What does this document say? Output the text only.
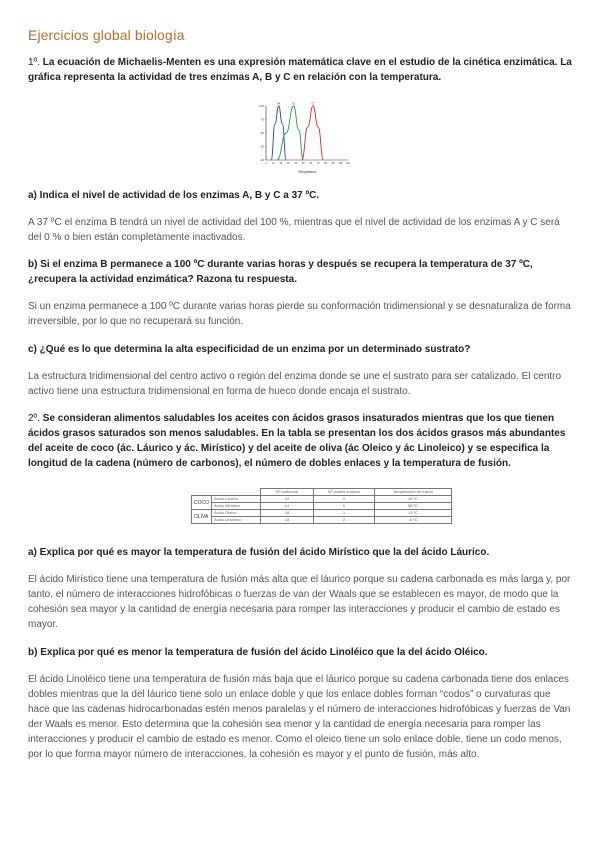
Ejercicios global biología

1º. La ecuación de Michaelis-Menten es una expresión matemática clave en el estudio de la cinética enzimática. La gráfica representa la actividad de tres enzimas A, B y C en relación con la temperatura.

100
75
50
25
10
0 10 20 30 40 50 60 70 80 90 100 110
A	B	C
Temperatura

a) Indica el nivel de actividad de los enzimas A, B y C a 37 ºC.

A 37 ºC el enzima B tendrá un nivel de actividad del 100 %, mientras que el nivel de actividad de los enzimas A y C será del 0 % o bien están completamente inactivados.

b) Si el enzima B permanece a 100 ºC durante varias horas y después se recupera la temperatura de 37 ºC, ¿recupera la actividad enzimática? Razona tu respuesta.

Si un enzima permanece a 100 ºC durante varias horas pierde su conformación tridimensional y se desnaturaliza de forma irreversible, por lo que no recuperará su función.

c) ¿Qué es lo que determina la alta especificidad de un enzima por un determinado sustrato?

La estructura tridimensional del centro activo o región del enzima donde se une el sustrato para ser catalizado. El centro activo tiene una estructura tridimensional en forma de hueco donde encaja el sustrato.

2º. Se consideran alimentos saludables los aceites con ácidos grasos insaturados mientras que los que tienen ácidos grasos saturados son menos saludables. En la tabla se presentan los dos ácidos grasos más abundantes del aceite de coco (ác. Láurico y ác. Mirístico) y del aceite de oliva (ác Oleico y ác Linoleico) y se especifica la longitud de la cadena (número de carbonos), el número de dobles enlaces y la temperatura de fusión.

		Nº carbonos	Nº dobles enlaces	Temperatura de fusión
COCO	Ácido Láurico	12	0	44 ºC
	Ácido Mirístico	14	0	58 ºC
OLIVA	Ácido Oleico	18	1	13 ºC
	Ácido Linoleico	18	2	-5 ºC

a) Explica por qué es mayor la temperatura de fusión del ácido Mirístico que la del ácido Láurico.

El ácido Mirístico tiene una temperatura de fusión más alta que el láurico porque su cadena carbonada es más larga y, por tanto, el número de interacciones hidrofóbicas o fuerzas de van der Waals que se establecen es mayor, de modo que la cohesión sea mayor y la cantidad de energía necesaria para romper las interacciones y producir el cambio de estado es mayor.

b) Explica por qué es menor la temperatura de fusión del ácido Linoléico que la del ácido Oléico.

El ácido Linoléico tiene una temperatura de fusión más baja que el láurico porque su cadena carbonada tiene dos enlaces dobles mientras que la del láurico tiene solo un enlace doble y que los enlace dobles forman “codos” o curvaturas que hace que las cadenas hidrocarbonadas estén menos paralelas y el número de interacciones hidrofóbicas y fuerzas de Van der Waals es menor. Esto determina que la cohesión sea menor y la cantidad de energía necesaria para romper las interacciones y producir el cambio de estado es menor. Como el oleico tiene un solo enlace doble, tiene un codo menos, por lo que forma mayor número de interacciones, la cohesión es mayor y el punto de fusión, más alto.
